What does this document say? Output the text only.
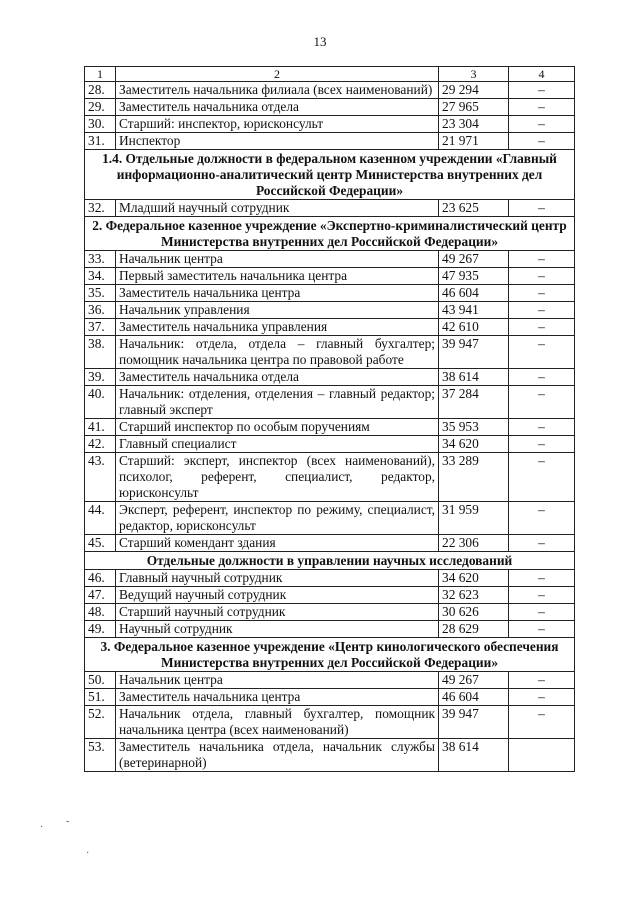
13
1	2	3	4
28.	Заместитель начальника филиала (всех наименований)	29 294	–
29.	Заместитель начальника отдела	27 965	–
30.	Старший: инспектор, юрисконсульт	23 304	–
31.	Инспектор	21 971	–
1.4. Отдельные должности в федеральном казенном учреждении «Главный информационно-аналитический центр Министерства внутренних дел Российской Федерации»			
32.	Младший научный сотрудник	23 625	–
2. Федеральное казенное учреждение «Экспертно-криминалистический центр Министерства внутренних дел Российской Федерации»			
33.	Начальник центра	49 267	–
34.	Первый заместитель начальника центра	47 935	–
35.	Заместитель начальника центра	46 604	–
36.	Начальник управления	43 941	–
37.	Заместитель начальника управления	42 610	–
38.	Начальник: отдела, отдела – главный бухгалтер; помощник начальника центра по правовой работе	39 947	–
39.	Заместитель начальника отдела	38 614	–
40.	Начальник: отделения, отделения – главный редактор; главный эксперт	37 284	–
41.	Старший инспектор по особым поручениям	35 953	–
42.	Главный специалист	34 620	–
43.	Старший: эксперт, инспектор (всех наименований), психолог, референт, специалист, редактор, юрисконсульт	33 289	–
44.	Эксперт, референт, инспектор по режиму, специалист, редактор, юрисконсульт	31 959	–
45.	Старший комендант здания	22 306	–
Отдельные должности в управлении научных исследований			
46.	Главный научный сотрудник	34 620	–
47.	Ведущий научный сотрудник	32 623	–
48.	Старший научный сотрудник	30 626	–
49.	Научный сотрудник	28 629	–
3. Федеральное казенное учреждение «Центр кинологического обеспечения Министерства внутренних дел Российской Федерации»			
50.	Начальник центра	49 267	–
51.	Заместитель начальника центра	46 604	–
52.	Начальник отдела, главный бухгалтер, помощник начальника центра (всех наименований)	39 947	–
53.	Заместитель начальника отдела, начальник службы (ветеринарной)	38 614	
·
-
·
